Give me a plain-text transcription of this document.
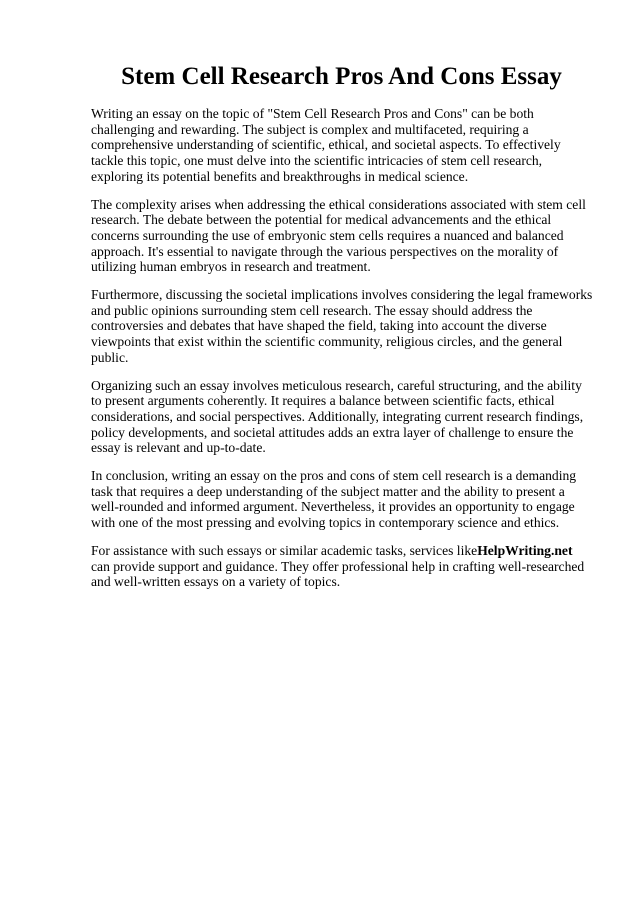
Stem Cell Research Pros And Cons Essay

Writing an essay on the topic of "Stem Cell Research Pros and Cons" can be both challenging and rewarding. The subject is complex and multifaceted, requiring a comprehensive understanding of scientific, ethical, and societal aspects. To effectively tackle this topic, one must delve into the scientific intricacies of stem cell research, exploring its potential benefits and breakthroughs in medical science.

The complexity arises when addressing the ethical considerations associated with stem cell research. The debate between the potential for medical advancements and the ethical concerns surrounding the use of embryonic stem cells requires a nuanced and balanced approach. It's essential to navigate through the various perspectives on the morality of utilizing human embryos in research and treatment.

Furthermore, discussing the societal implications involves considering the legal frameworks and public opinions surrounding stem cell research. The essay should address the controversies and debates that have shaped the field, taking into account the diverse viewpoints that exist within the scientific community, religious circles, and the general public.

Organizing such an essay involves meticulous research, careful structuring, and the ability to present arguments coherently. It requires a balance between scientific facts, ethical considerations, and social perspectives. Additionally, integrating current research findings, policy developments, and societal attitudes adds an extra layer of challenge to ensure the essay is relevant and up-to-date.

In conclusion, writing an essay on the pros and cons of stem cell research is a demanding task that requires a deep understanding of the subject matter and the ability to present a well-rounded and informed argument. Nevertheless, it provides an opportunity to engage with one of the most pressing and evolving topics in contemporary science and ethics.

For assistance with such essays or similar academic tasks, services likeHelpWriting.net can provide support and guidance. They offer professional help in crafting well-researched and well-written essays on a variety of topics.
